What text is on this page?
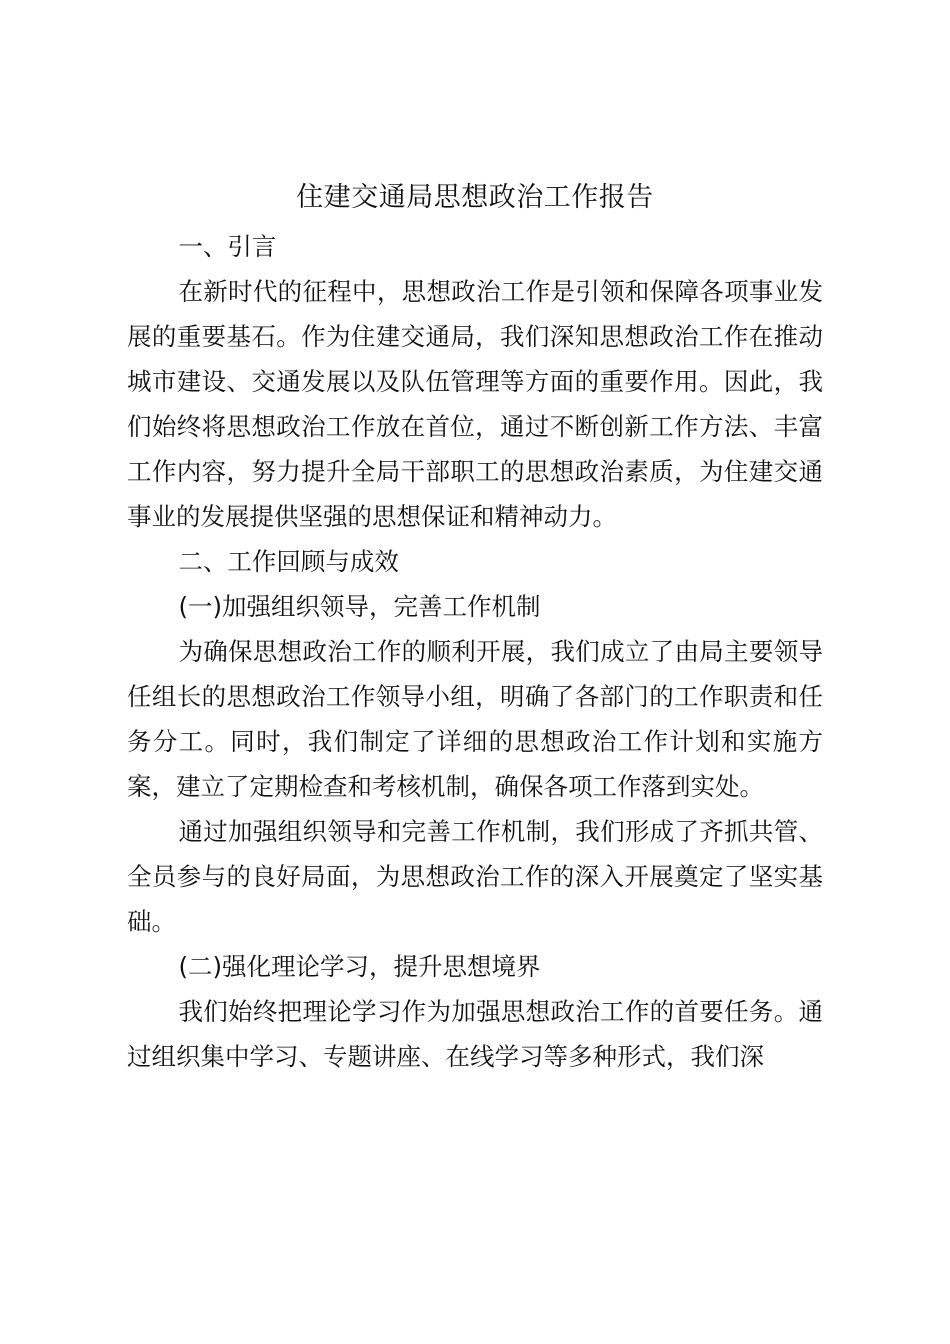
住建交通局思想政治工作报告

一、引言

在新时代的征程中，思想政治工作是引领和保障各项事业发展的重要基石。作为住建交通局，我们深知思想政治工作在推动城市建设、交通发展以及队伍管理等方面的重要作用。因此，我们始终将思想政治工作放在首位，通过不断创新工作方法、丰富工作内容，努力提升全局干部职工的思想政治素质，为住建交通事业的发展提供坚强的思想保证和精神动力。

二、工作回顾与成效

(一)加强组织领导，完善工作机制

为确保思想政治工作的顺利开展，我们成立了由局主要领导任组长的思想政治工作领导小组，明确了各部门的工作职责和任务分工。同时，我们制定了详细的思想政治工作计划和实施方案，建立了定期检查和考核机制，确保各项工作落到实处。

通过加强组织领导和完善工作机制，我们形成了齐抓共管、全员参与的良好局面，为思想政治工作的深入开展奠定了坚实基础。

(二)强化理论学习，提升思想境界

我们始终把理论学习作为加强思想政治工作的首要任务。通过组织集中学习、专题讲座、在线学习等多种形式，我们深
